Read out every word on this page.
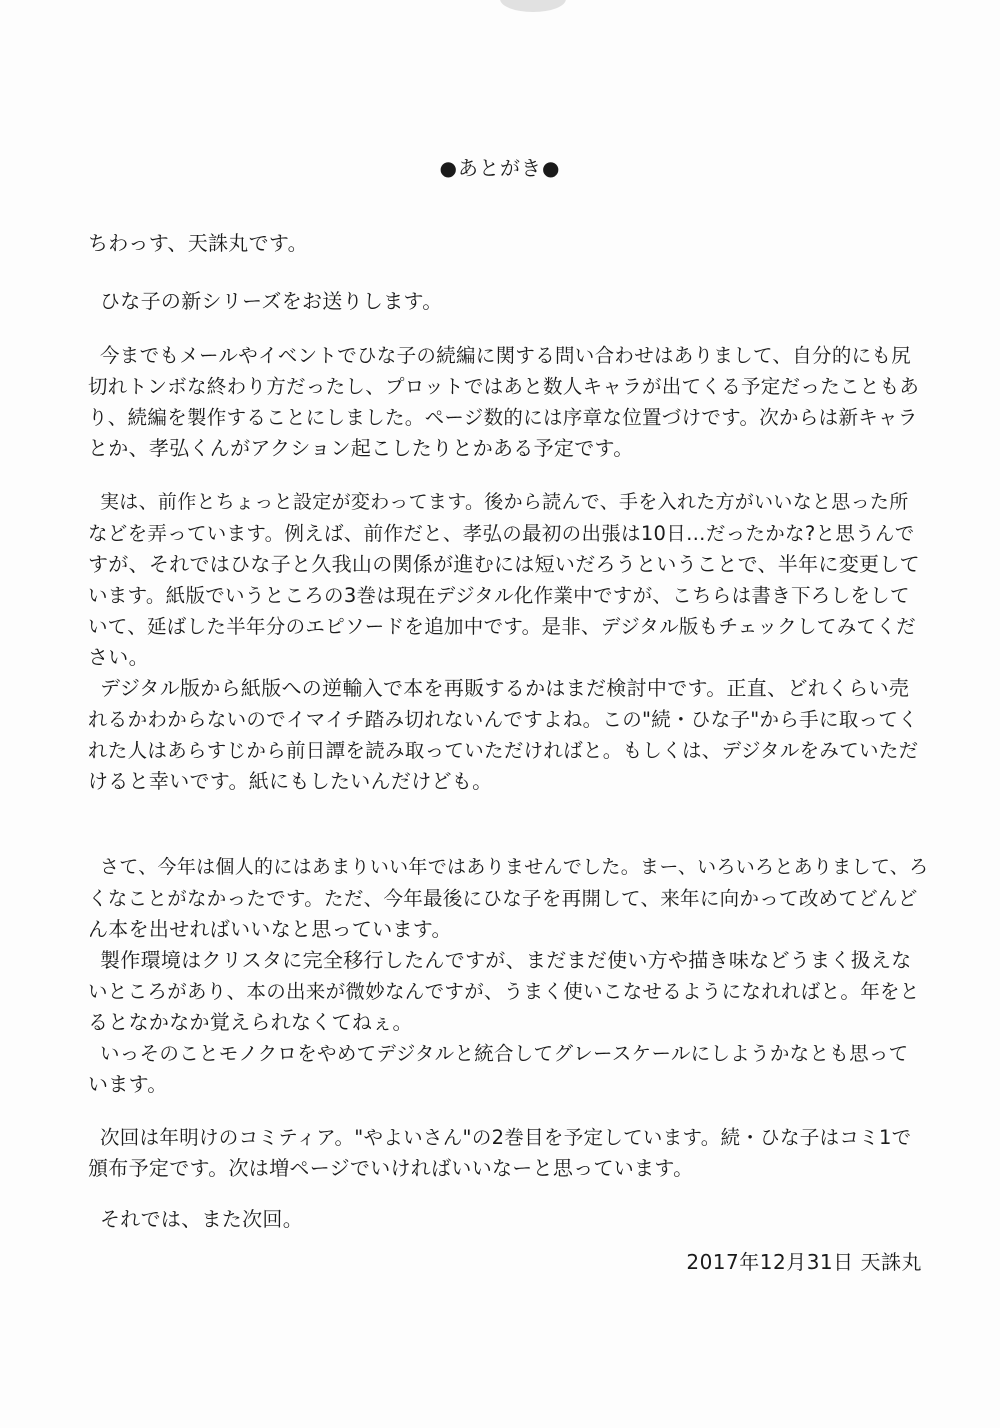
●あとがき●

ちわっす、天誅丸です。

ひな子の新シリーズをお送りします。

今までもメールやイベントでひな子の続編に関する問い合わせはありまして、自分的にも尻
切れトンボな終わり方だったし、プロットではあと数人キャラが出てくる予定だったこともあ
り、続編を製作することにしました。ページ数的には序章な位置づけです。次からは新キャラ
とか、孝弘くんがアクション起こしたりとかある予定です。
実は、前作とちょっと設定が変わってます。後から読んで、手を入れた方がいいなと思った所
などを弄っています。例えば、前作だと、孝弘の最初の出張は10日…だったかな?と思うんで
すが、それではひな子と久我山の関係が進むには短いだろうということで、半年に変更して
います。紙版でいうところの3巻は現在デジタル化作業中ですが、こちらは書き下ろしをして
いて、延ばした半年分のエピソードを追加中です。是非、デジタル版もチェックしてみてくだ
さい。
デジタル版から紙版への逆輸入で本を再販するかはまだ検討中です。正直、どれくらい売
れるかわからないのでイマイチ踏み切れないんですよね。この"続・ひな子"から手に取ってく
れた人はあらすじから前日譚を読み取っていただければと。もしくは、デジタルをみていただ
けると幸いです。紙にもしたいんだけども。
さて、今年は個人的にはあまりいい年ではありませんでした。まー、いろいろとありまして、ろ
くなことがなかったです。ただ、今年最後にひな子を再開して、来年に向かって改めてどんど
ん本を出せればいいなと思っています。
製作環境はクリスタに完全移行したんですが、まだまだ使い方や描き味などうまく扱えな
いところがあり、本の出来が微妙なんですが、うまく使いこなせるようになれればと。年をと
るとなかなか覚えられなくてねぇ。
いっそのことモノクロをやめてデジタルと統合してグレースケールにしようかなとも思って
います。
次回は年明けのコミティア。"やよいさん"の2巻目を予定しています。続・ひな子はコミ1で
頒布予定です。次は増ページでいければいいなーと思っています。

それでは、また次回。

2017年12月31日 天誅丸
